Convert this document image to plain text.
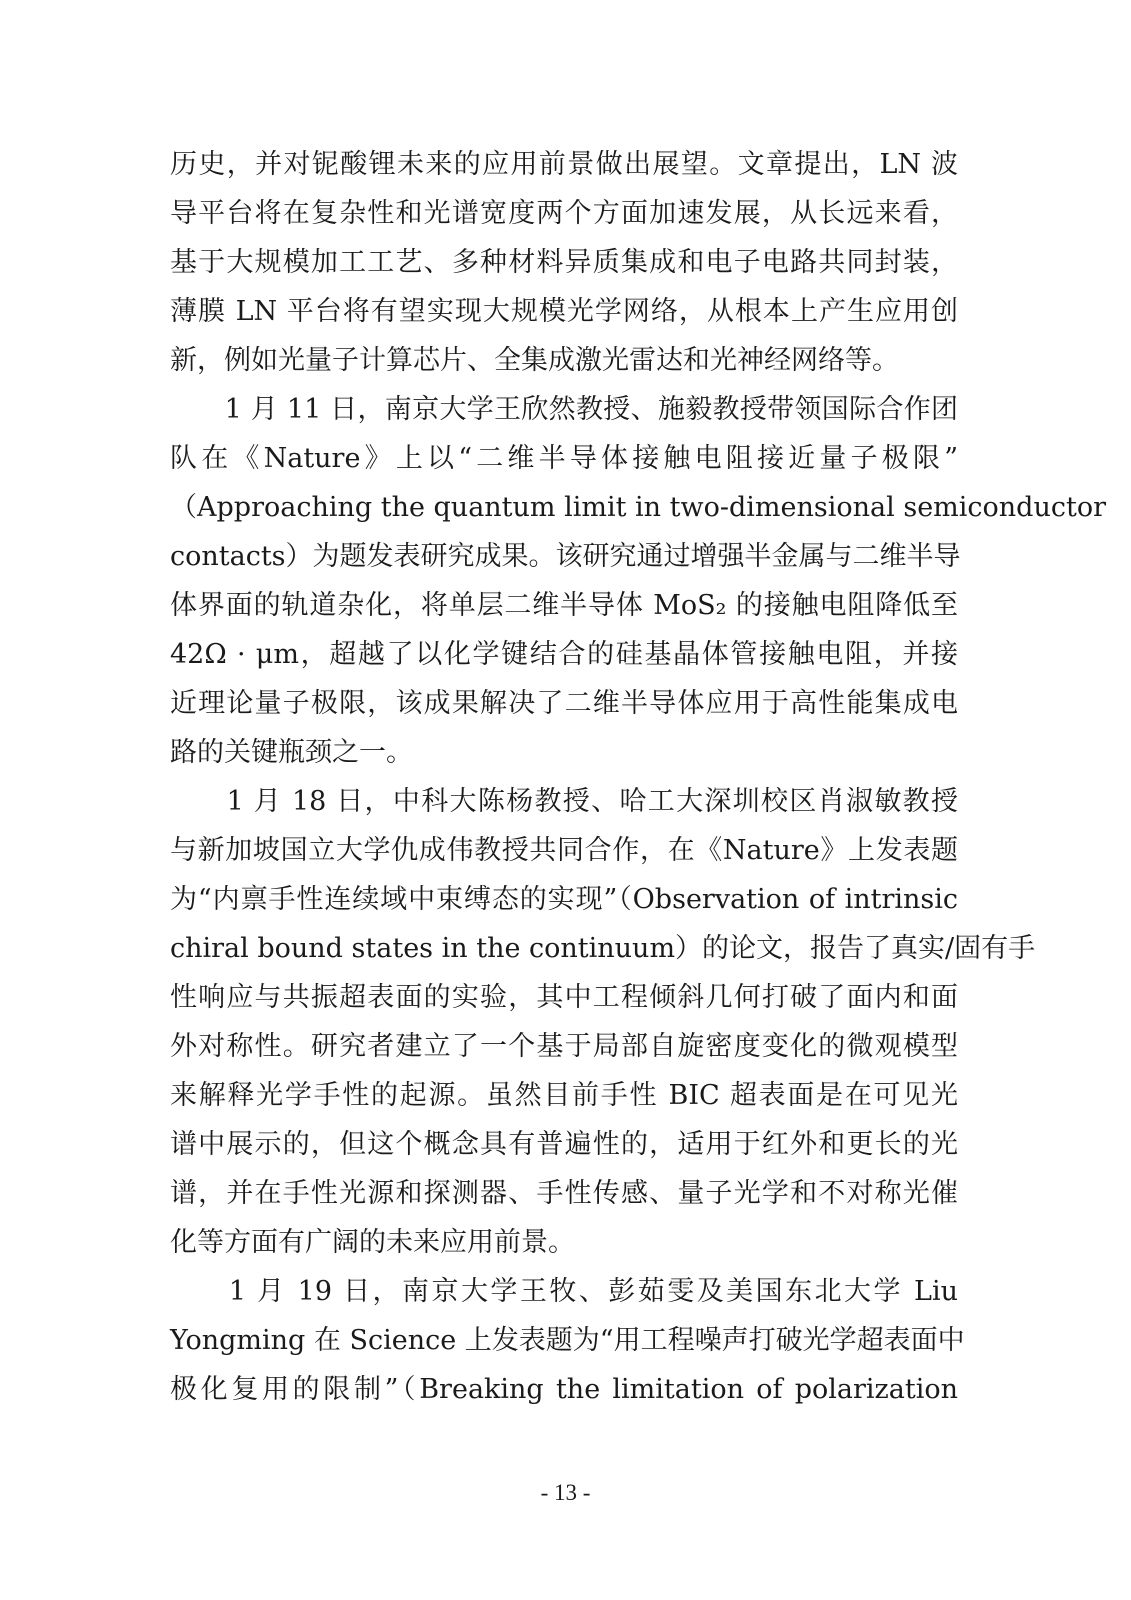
历史，并对铌酸锂未来的应用前景做出展望。文章提出，LN 波
导平台将在复杂性和光谱宽度两个方面加速发展，从长远来看，
基于大规模加工工艺、多种材料异质集成和电子电路共同封装，
薄膜 LN 平台将有望实现大规模光学网络，从根本上产生应用创
新，例如光量子计算芯片、全集成激光雷达和光神经网络等。
　　1 月 11 日，南京大学王欣然教授、施毅教授带领国际合作团
队在《Nature》上以“二维半导体接触电阻接近量子极限”
（Approaching the quantum limit in two-dimensional semiconductor
contacts）为题发表研究成果。该研究通过增强半金属与二维半导
体界面的轨道杂化，将单层二维半导体 MoS₂ 的接触电阻降低至
42Ω · μm，超越了以化学键结合的硅基晶体管接触电阻，并接
近理论量子极限，该成果解决了二维半导体应用于高性能集成电
路的关键瓶颈之一。
　　1 月 18 日，中科大陈杨教授、哈工大深圳校区肖淑敏教授
与新加坡国立大学仇成伟教授共同合作，在《Nature》上发表题
为“内禀手性连续域中束缚态的实现”（Observation of intrinsic
chiral bound states in the continuum）的论文，报告了真实/固有手
性响应与共振超表面的实验，其中工程倾斜几何打破了面内和面
外对称性。研究者建立了一个基于局部自旋密度变化的微观模型
来解释光学手性的起源。虽然目前手性 BIC 超表面是在可见光
谱中展示的，但这个概念具有普遍性的，适用于红外和更长的光
谱，并在手性光源和探测器、手性传感、量子光学和不对称光催
化等方面有广阔的未来应用前景。
　　1 月 19 日，南京大学王牧、彭茹雯及美国东北大学 Liu
Yongming 在 Science 上发表题为“用工程噪声打破光学超表面中
极化复用的限制”（Breaking the limitation of polarization
- 13 -
